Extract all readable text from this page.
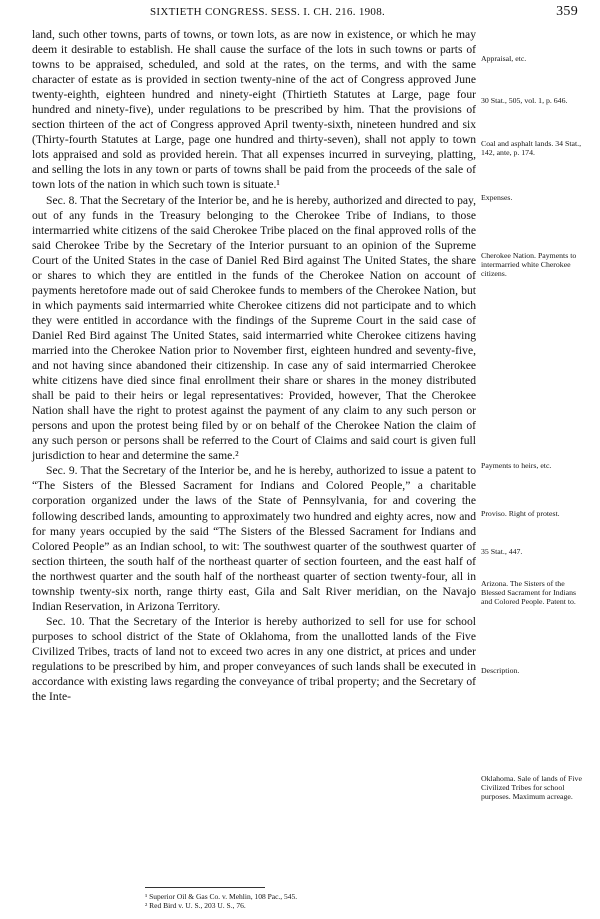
SIXTIETH CONGRESS. SESS. I. CH. 216. 1908.	359

land, such other towns, parts of towns, or town lots, as are now in existence, or which he may deem it desirable to establish. He shall cause the surface of the lots in such towns or parts of towns to be appraised, scheduled, and sold at the rates, on the terms, and with the same character of estate as is provided in section twenty-nine of the act of Congress approved June twenty-eighth, eighteen hundred and ninety-eight (Thirtieth Statutes at Large, page four hundred and ninety-five), under regulations to be prescribed by him. That the provisions of section thirteen of the act of Congress approved April twenty-sixth, nineteen hundred and six (Thirty-fourth Statutes at Large, page one hundred and thirty-seven), shall not apply to town lots appraised and sold as provided herein. That all expenses incurred in surveying, platting, and selling the lots in any town or parts of towns shall be paid from the proceeds of the sale of town lots of the nation in which such town is situate.¹

Sec. 8. That the Secretary of the Interior be, and he is hereby, authorized and directed to pay, out of any funds in the Treasury belonging to the Cherokee Tribe of Indians, to those intermarried white citizens of the said Cherokee Tribe placed on the final approved rolls of the said Cherokee Tribe by the Secretary of the Interior pursuant to an opinion of the Supreme Court of the United States in the case of Daniel Red Bird against The United States, the share or shares to which they are entitled in the funds of the Cherokee Nation on account of payments heretofore made out of said Cherokee funds to members of the Cherokee Nation, but in which payments said intermarried white Cherokee citizens did not participate and to which they were entitled in accordance with the findings of the Supreme Court in the said case of Daniel Red Bird against The United States, said intermarried white Cherokee citizens having married into the Cherokee Nation prior to November first, eighteen hundred and seventy-five, and not having since abandoned their citizenship. In case any of said intermarried Cherokee white citizens have died since final enrollment their share or shares in the money distributed shall be paid to their heirs or legal representatives: Provided, however, That the Cherokee Nation shall have the right to protest against the payment of any claim to any such person or persons and upon the protest being filed by or on behalf of the Cherokee Nation the claim of any such person or persons shall be referred to the Court of Claims and said court is given full jurisdiction to hear and determine the same.²

Sec. 9. That the Secretary of the Interior be, and he is hereby, authorized to issue a patent to “The Sisters of the Blessed Sacrament for Indians and Colored People,” a charitable corporation organized under the laws of the State of Pennsylvania, for and covering the following described lands, amounting to approximately two hundred and eighty acres, now and for many years occupied by the said “The Sisters of the Blessed Sacrament for Indians and Colored People” as an Indian school, to wit: The southwest quarter of the southwest quarter of section thirteen, the south half of the northeast quarter of section fourteen, and the east half of the northwest quarter and the south half of the northeast quarter of section twenty-four, all in township twenty-six north, range thirty east, Gila and Salt River meridian, on the Navajo Indian Reservation, in Arizona Territory.

Sec. 10. That the Secretary of the Interior is hereby authorized to sell for use for school purposes to school district of the State of Oklahoma, from the unallotted lands of the Five Civilized Tribes, tracts of land not to exceed two acres in any one district, at prices and under regulations to be prescribed by him, and proper conveyances of such lands shall be executed in accordance with existing laws regarding the conveyance of tribal property; and the Secretary of the Inte-

Appraisal, etc.
30 Stat., 505, vol. 1, p. 646.
Coal and asphalt lands. 34 Stat., 142, ante, p. 174.
Expenses.
Cherokee Nation. Payments to intermarried white Cherokee citizens.
Payments to heirs, etc.
Proviso. Right of protest.
35 Stat., 447.
Arizona. The Sisters of the Blessed Sacrament for Indians and Colored People. Patent to.
Description.
Oklahoma. Sale of lands of Five Civilized Tribes for school purposes. Maximum acreage.
¹ Superior Oil & Gas Co. v. Mehlin, 108 Pac., 545.
² Red Bird v. U. S., 203 U. S., 76.
